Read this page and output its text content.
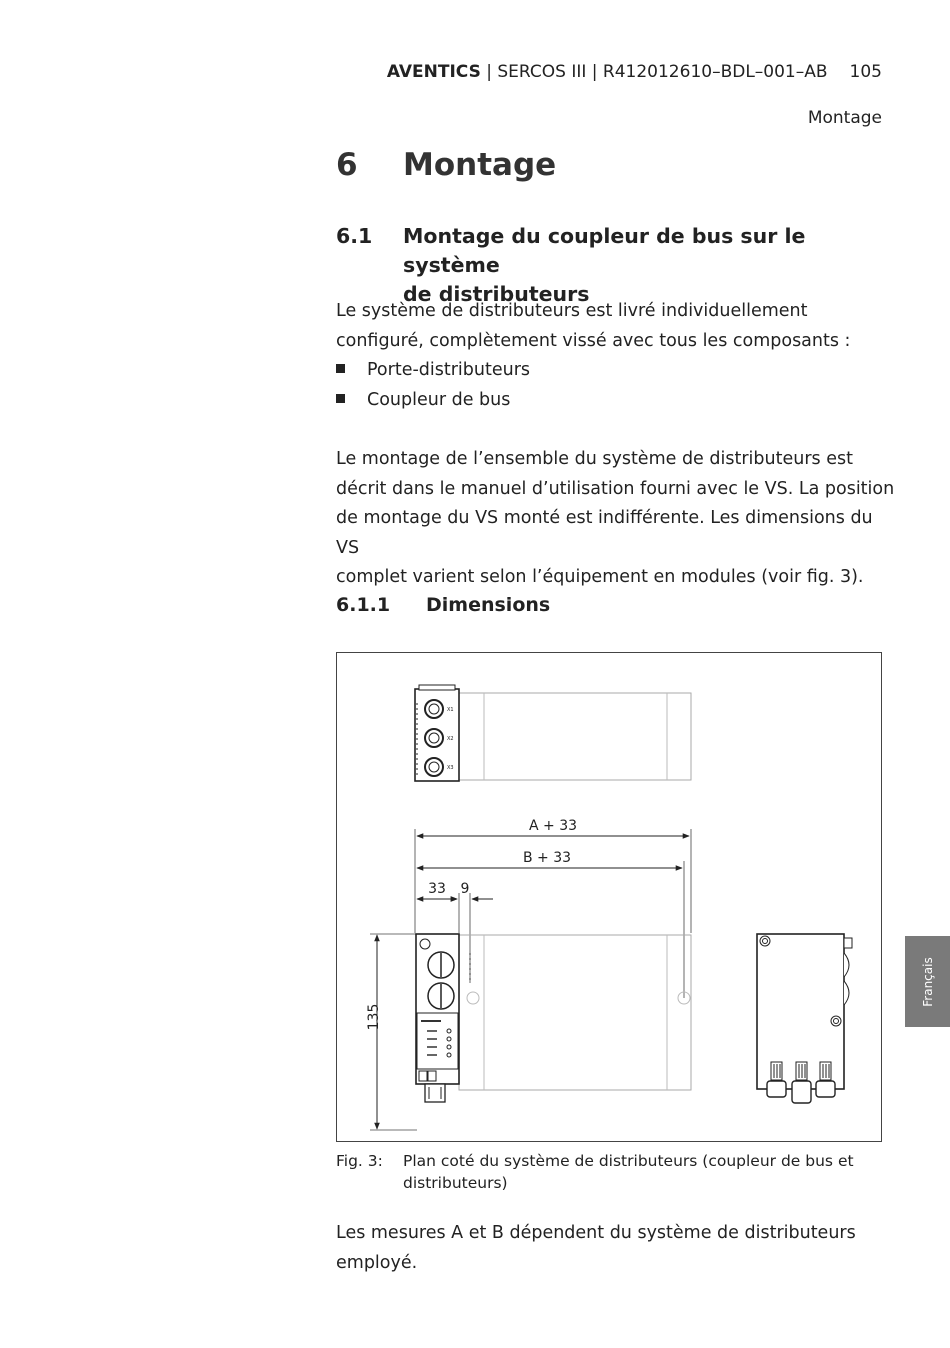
AVENTICS | SERCOS III | R412012610–BDL–001–AB 105
Montage
6 Montage
6.1 Montage du coupleur de bus sur le système
de distributeurs
Le système de distributeurs est livré individuellement
configuré, complètement vissé avec tous les composants :
Porte-distributeurs
Coupleur de bus
Le montage de l’ensemble du système de distributeurs est
décrit dans le manuel d’utilisation fourni avec le VS. La position
de montage du VS monté est indifférente. Les dimensions du VS
complet varient selon l’équipement en modules (voir fig. 3).
6.1.1 Dimensions
X1
X2
X3
A + 33
B + 33
33 9
135
Fig. 3: Plan coté du système de distributeurs (coupleur de bus et distributeurs)
Les mesures A et B dépendent du système de distributeurs
employé.
Français
